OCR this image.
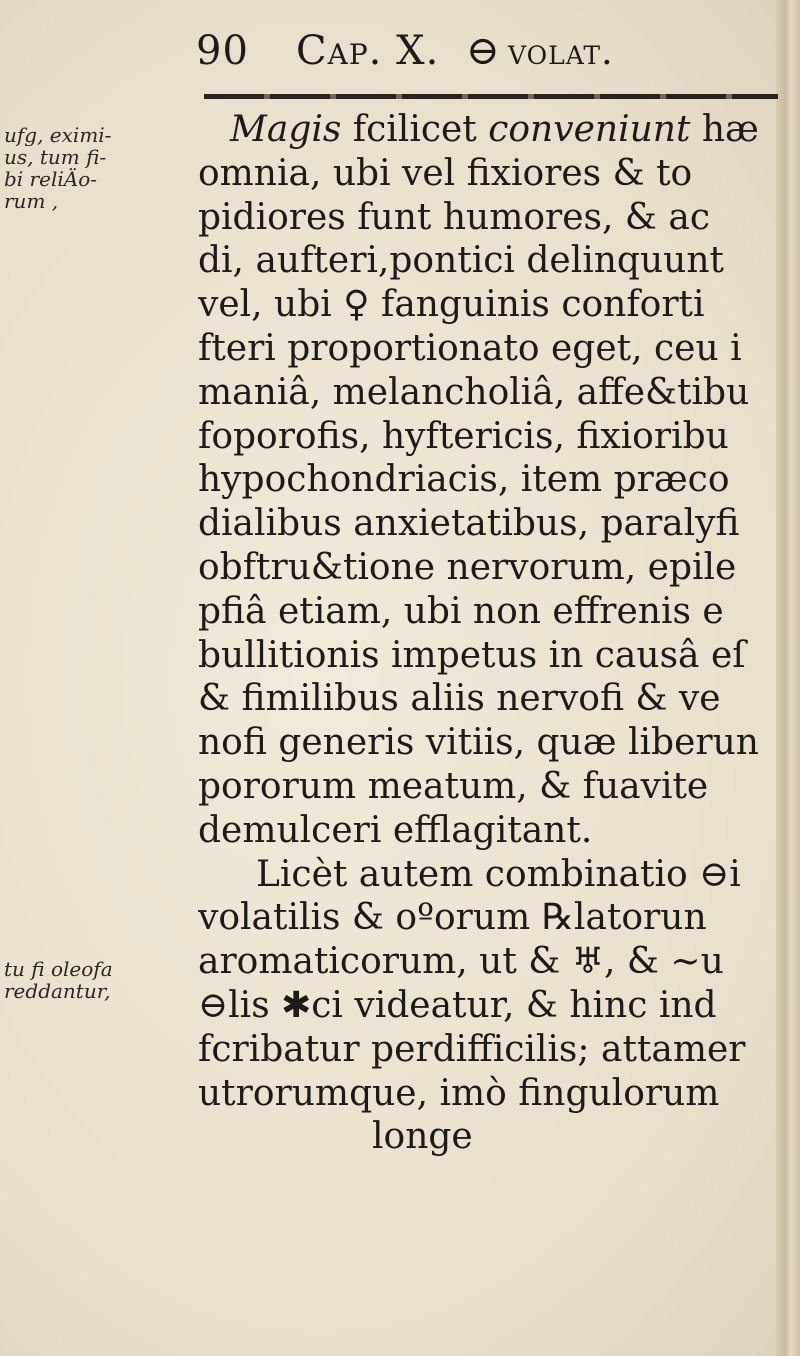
90 Cap. X. ⊖ volat.
ufg, eximi-
us, tum fi-
bi reliÄo-
rum ,
tu fi oleofa
reddantur,
Magis fcilicet conveniunt hæ
omnia, ubi vel fixiores & to
pidiores funt humores, & ac
di, aufteri,pontici delinquunt
vel, ubi ♀ fanguinis conforti
fteri proportionato eget, ceu i
maniâ, melancholiâ, affe&tibu
foporofis, hyftericis, fixioribu
hypochondriacis, item præco
dialibus anxietatibus, paralyfi
obftru&tione nervorum, epile
pfiâ etiam, ubi non effrenis e
bullitionis impetus in causâ eſ
& fimilibus aliis nervofi & ve
nofi generis vitiis, quæ liberun
pororum meatum, & fuavite
demulceri efflagitant.
Licèt autem combinatio ⊖i
volatilis & oºorum ℞latorun
aromaticorum, ut & ♅, & ~u
⊖lis ✱ci videatur, & hinc ind
fcribatur perdifficilis; attamer
utrorumque, imò fingulorum
longe
